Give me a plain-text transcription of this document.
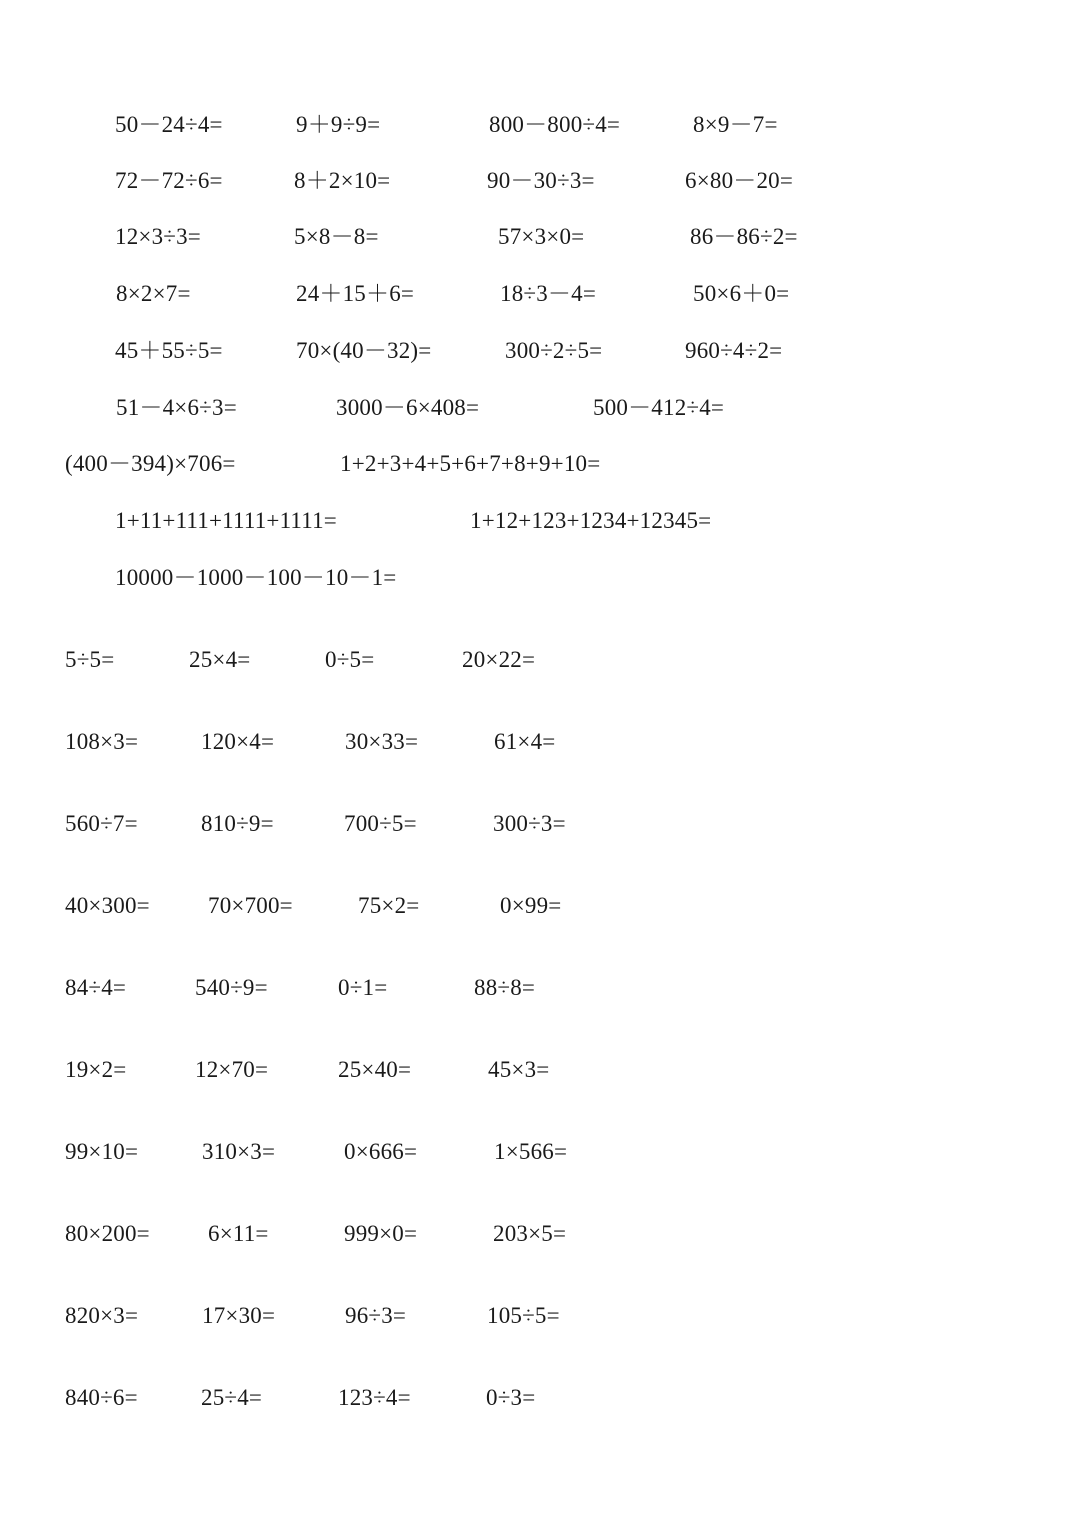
50－24÷4=	9＋9÷9=	800－800÷4=	8×9－7=
72－72÷6=	8＋2×10=	90－30÷3=	6×80－20=
12×3÷3=	5×8－8=	57×3×0=	86－86÷2=
8×2×7=	24＋15＋6=	18÷3－4=	50×6＋0=
45＋55÷5=	70×(40－32)=	300÷2÷5=	960÷4÷2=
51－4×6÷3=	3000－6×408=	500－412÷4=
(400－394)×706=	1+2+3+4+5+6+7+8+9+10=
1+11+111+1111+1111=	1+12+123+1234+12345=
10000－1000－100－10－1=
5÷5=	25×4=	0÷5=	20×22=
108×3=	120×4=	30×33=	61×4=
560÷7=	810÷9=	700÷5=	300÷3=
40×300=	70×700=	75×2=	0×99=
84÷4=	540÷9=	0÷1=	88÷8=
19×2=	12×70=	25×40=	45×3=
99×10=	310×3=	0×666=	1×566=
80×200=	6×11=	999×0=	203×5=
820×3=	17×30=	96÷3=	105÷5=
840÷6=	25÷4=	123÷4=	0÷3=
